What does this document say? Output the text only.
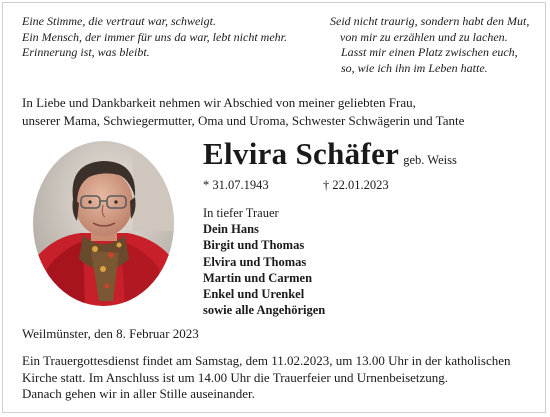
Eine Stimme, die vertraut war, schweigt.
Ein Mensch, der immer für uns da war, lebt nicht mehr.
Erinnerung ist, was bleibt.
Seid nicht traurig, sondern habt den Mut,
von mir zu erzählen und zu lachen.
Lasst mir einen Platz zwischen euch,
so, wie ich ihn im Leben hatte.
In Liebe und Dankbarkeit nehmen wir Abschied von meiner geliebten Frau,
unserer Mama, Schwiegermutter, Oma und Uroma, Schwester Schwägerin und Tante
Elvira Schäfer geb. Weiss
* 31.07.1943	† 22.01.2023
In tiefer Trauer
Dein Hans
Birgit und Thomas
Elvira und Thomas
Martin und Carmen
Enkel und Urenkel
sowie alle Angehörigen
Weilmünster, den 8. Februar 2023
Ein Trauergottesdienst findet am Samstag, dem 11.02.2023, um 13.00 Uhr in der katholischen
Kirche statt. Im Anschluss ist um 14.00 Uhr die Trauerfeier und Urnenbeisetzung.
Danach gehen wir in aller Stille auseinander.
